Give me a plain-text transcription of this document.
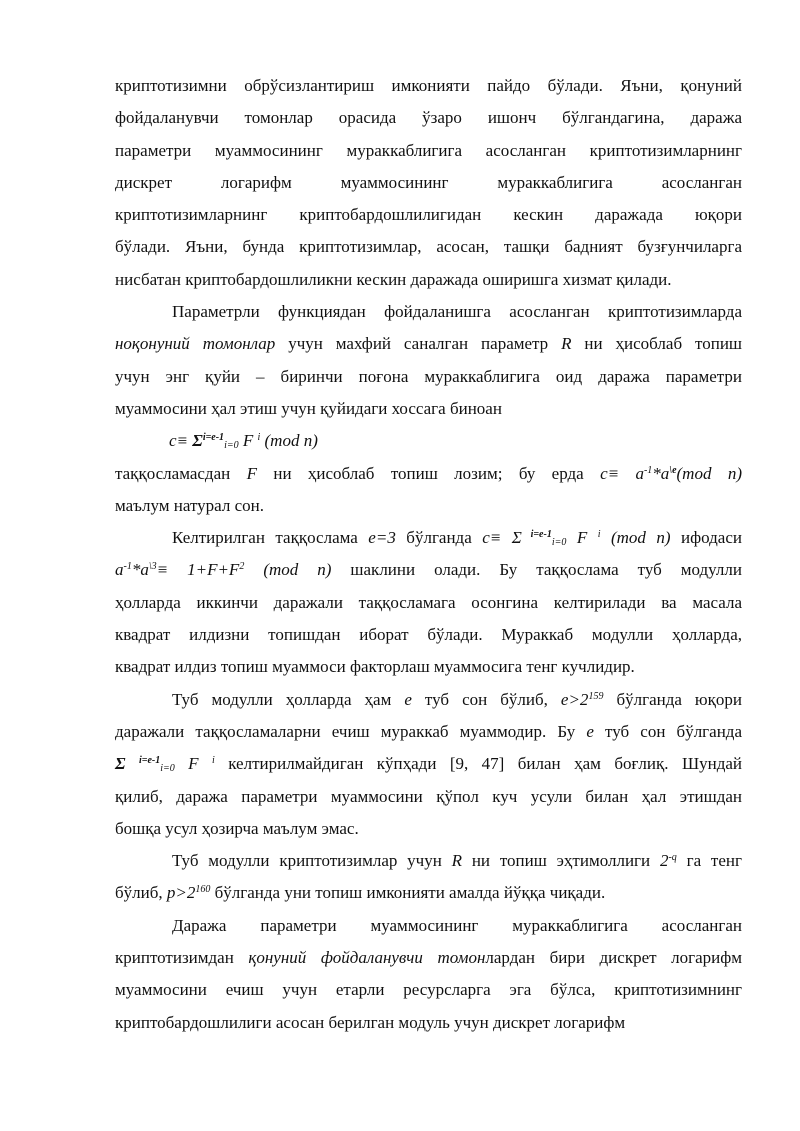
криптотизимни обрўсизлантириш имконияти пайдо бўлади. Яъни, қонуний
фойдаланувчи томонлар орасида ўзаро ишонч бўлгандагина, даража
параметри муаммосининг мураккаблигига асосланган криптотизимларнинг
дискрет логарифм муаммосининг мураккаблигига асосланган
криптотизимларнинг криптобардошлилигидан кескин даражада юқори
бўлади. Яъни, бунда криптотизимлар, асосан, ташқи бадният бузғунчиларга
нисбатан криптобардошлиликни кескин даражада оширишга хизмат қилади.
Параметрли функциядан фойдаланишга асосланган криптотизимларда
ноқонуний томонлар учун махфий саналган параметр R ни ҳисоблаб топиш
учун энг қуйи – биринчи поғона мураккаблигига оид даража параметри
муаммосини ҳал этиш учун қуйидаги хоссага биноан
$c\equiv \Sigma^{i=e-1}_{i=0}$ F $^i$ (mod n)
таққосламасдан F ни ҳисоблаб топиш лозим; бу ерда $c\equiv a^{-1}*a^{\backslash e}(mod$ n)
маълум натурал сон.
Келтирилган таққослама e=3 бўлганда c≡ Σ $^{i=e-1}_{i=0}$ F $^i$ (mod n) ифодаси
$a^{-1}*a^{\backslash 3}\equiv 1+F+F^2$ (mod n) шаклини олади. Бу таққослама туб модулли
ҳолларда иккинчи даражали таққосламага осонгина келтирилади ва масала
квадрат илдизни топишдан иборат бўлади. Мураккаб модулли ҳолларда,
квадрат илдиз топиш муаммоси факторлаш муаммосига тенг кучлидир.
Туб модулли ҳолларда ҳам e туб сон бўлиб, $e>2^{159}$ бўлганда юқори
даражали таққосламаларни ечиш мураккаб муаммодир. Бу e туб сон бўлганда
Σ $^{i=e-1}_{i=0}$ F $^i$ келтирилмайдиган кўпҳади [9, 47] билан ҳам боғлиқ. Шундай
қилиб, даража параметри муаммосини қўпол куч усули билан ҳал этишдан
бошқа усул ҳозирча маълум эмас.
Туб модулли криптотизимлар учун R ни топиш эҳтимоллиги $2^{-q}$ га тенг
бўлиб, $p>2^{160}$ бўлганда уни топиш имконияти амалда йўққа чиқади.
Даража параметри муаммосининг мураккаблигига асосланган
криптотизимдан қонуний фойдаланувчи томонлардан бири дискрет логарифм
муаммосини ечиш учун етарли ресурсларга эга бўлса, криптотизимнинг
криптобардошлилиги асосан берилган модуль учун дискрет логарифм
